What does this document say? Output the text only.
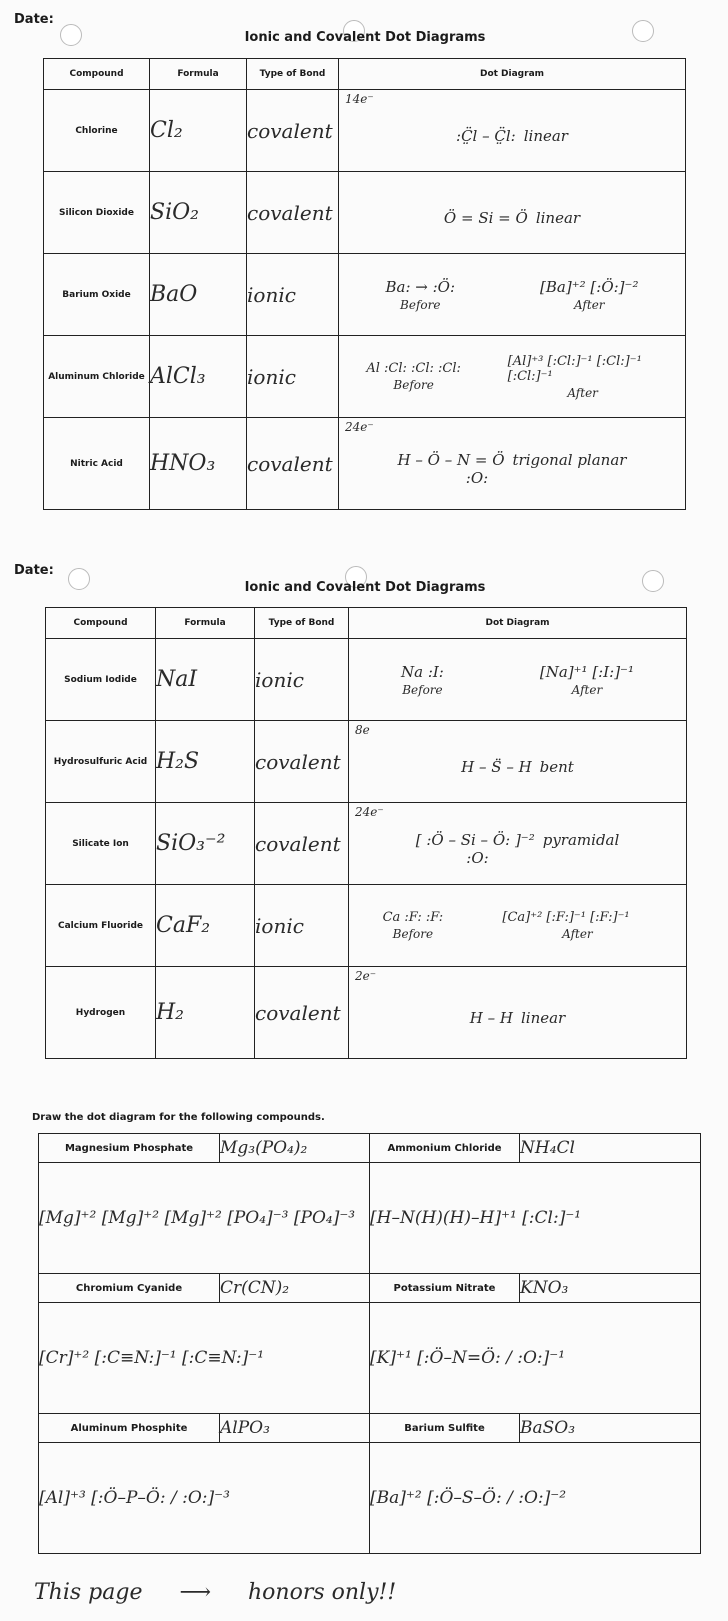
Date:
Ionic and Covalent Dot Diagrams
Compound	Formula	Type of Bond	Dot Diagram
Chlorine	Cl₂	covalent	14e⁻
:C̤̈l – C̤̈l: linear

Silicon Dioxide	SiO₂	covalent	Ö = Si = Ö linear

Barium Oxide	BaO	ionic	Ba: → :Ö:
Before
[Ba]⁺² [:Ö:]⁻²
After

Aluminum Chloride	AlCl₃	ionic	Al :Cl: :Cl: :Cl:
Before
[Al]⁺³ [:Cl:]⁻¹ [:Cl:]⁻¹ [:Cl:]⁻¹
After

Nitric Acid	HNO₃	covalent	24e⁻
H – Ö – N = Ö trigonal planar
:O:
Date:
Ionic and Covalent Dot Diagrams
Compound	Formula	Type of Bond	Dot Diagram
Sodium Iodide	NaI	ionic	Na :I:
Before
[Na]⁺¹ [:I:]⁻¹
After

Hydrosulfuric Acid	H₂S	covalent	8e
H – S̈ – H bent

Silicate Ion	SiO₃⁻²	covalent	24e⁻
[ :Ö – Si – Ö: ]⁻² pyramidal
:O:

Calcium Fluoride	CaF₂	ionic	Ca :F: :F:
Before
[Ca]⁺² [:F:]⁻¹ [:F:]⁻¹
After

Hydrogen	H₂	covalent	2e⁻
H – H linear
Draw the dot diagram for the following compounds.
Magnesium Phosphate	Mg₃(PO₄)₂	Ammonium Chloride	NH₄Cl
[Mg]⁺² [Mg]⁺² [Mg]⁺² [PO₄]⁻³ [PO₄]⁻³		[H–N(H)(H)–H]⁺¹ [:Cl:]⁻¹	
Chromium Cyanide	Cr(CN)₂	Potassium Nitrate	KNO₃
[Cr]⁺² [:C≡N:]⁻¹ [:C≡N:]⁻¹		[K]⁺¹ [:Ö–N=Ö: / :O:]⁻¹	
Aluminum Phosphite	AlPO₃	Barium Sulfite	BaSO₃
[Al]⁺³ [:Ö–P–Ö: / :O:]⁻³		[Ba]⁺² [:Ö–S–Ö: / :O:]⁻²	
This page ⟶ honors only!!
